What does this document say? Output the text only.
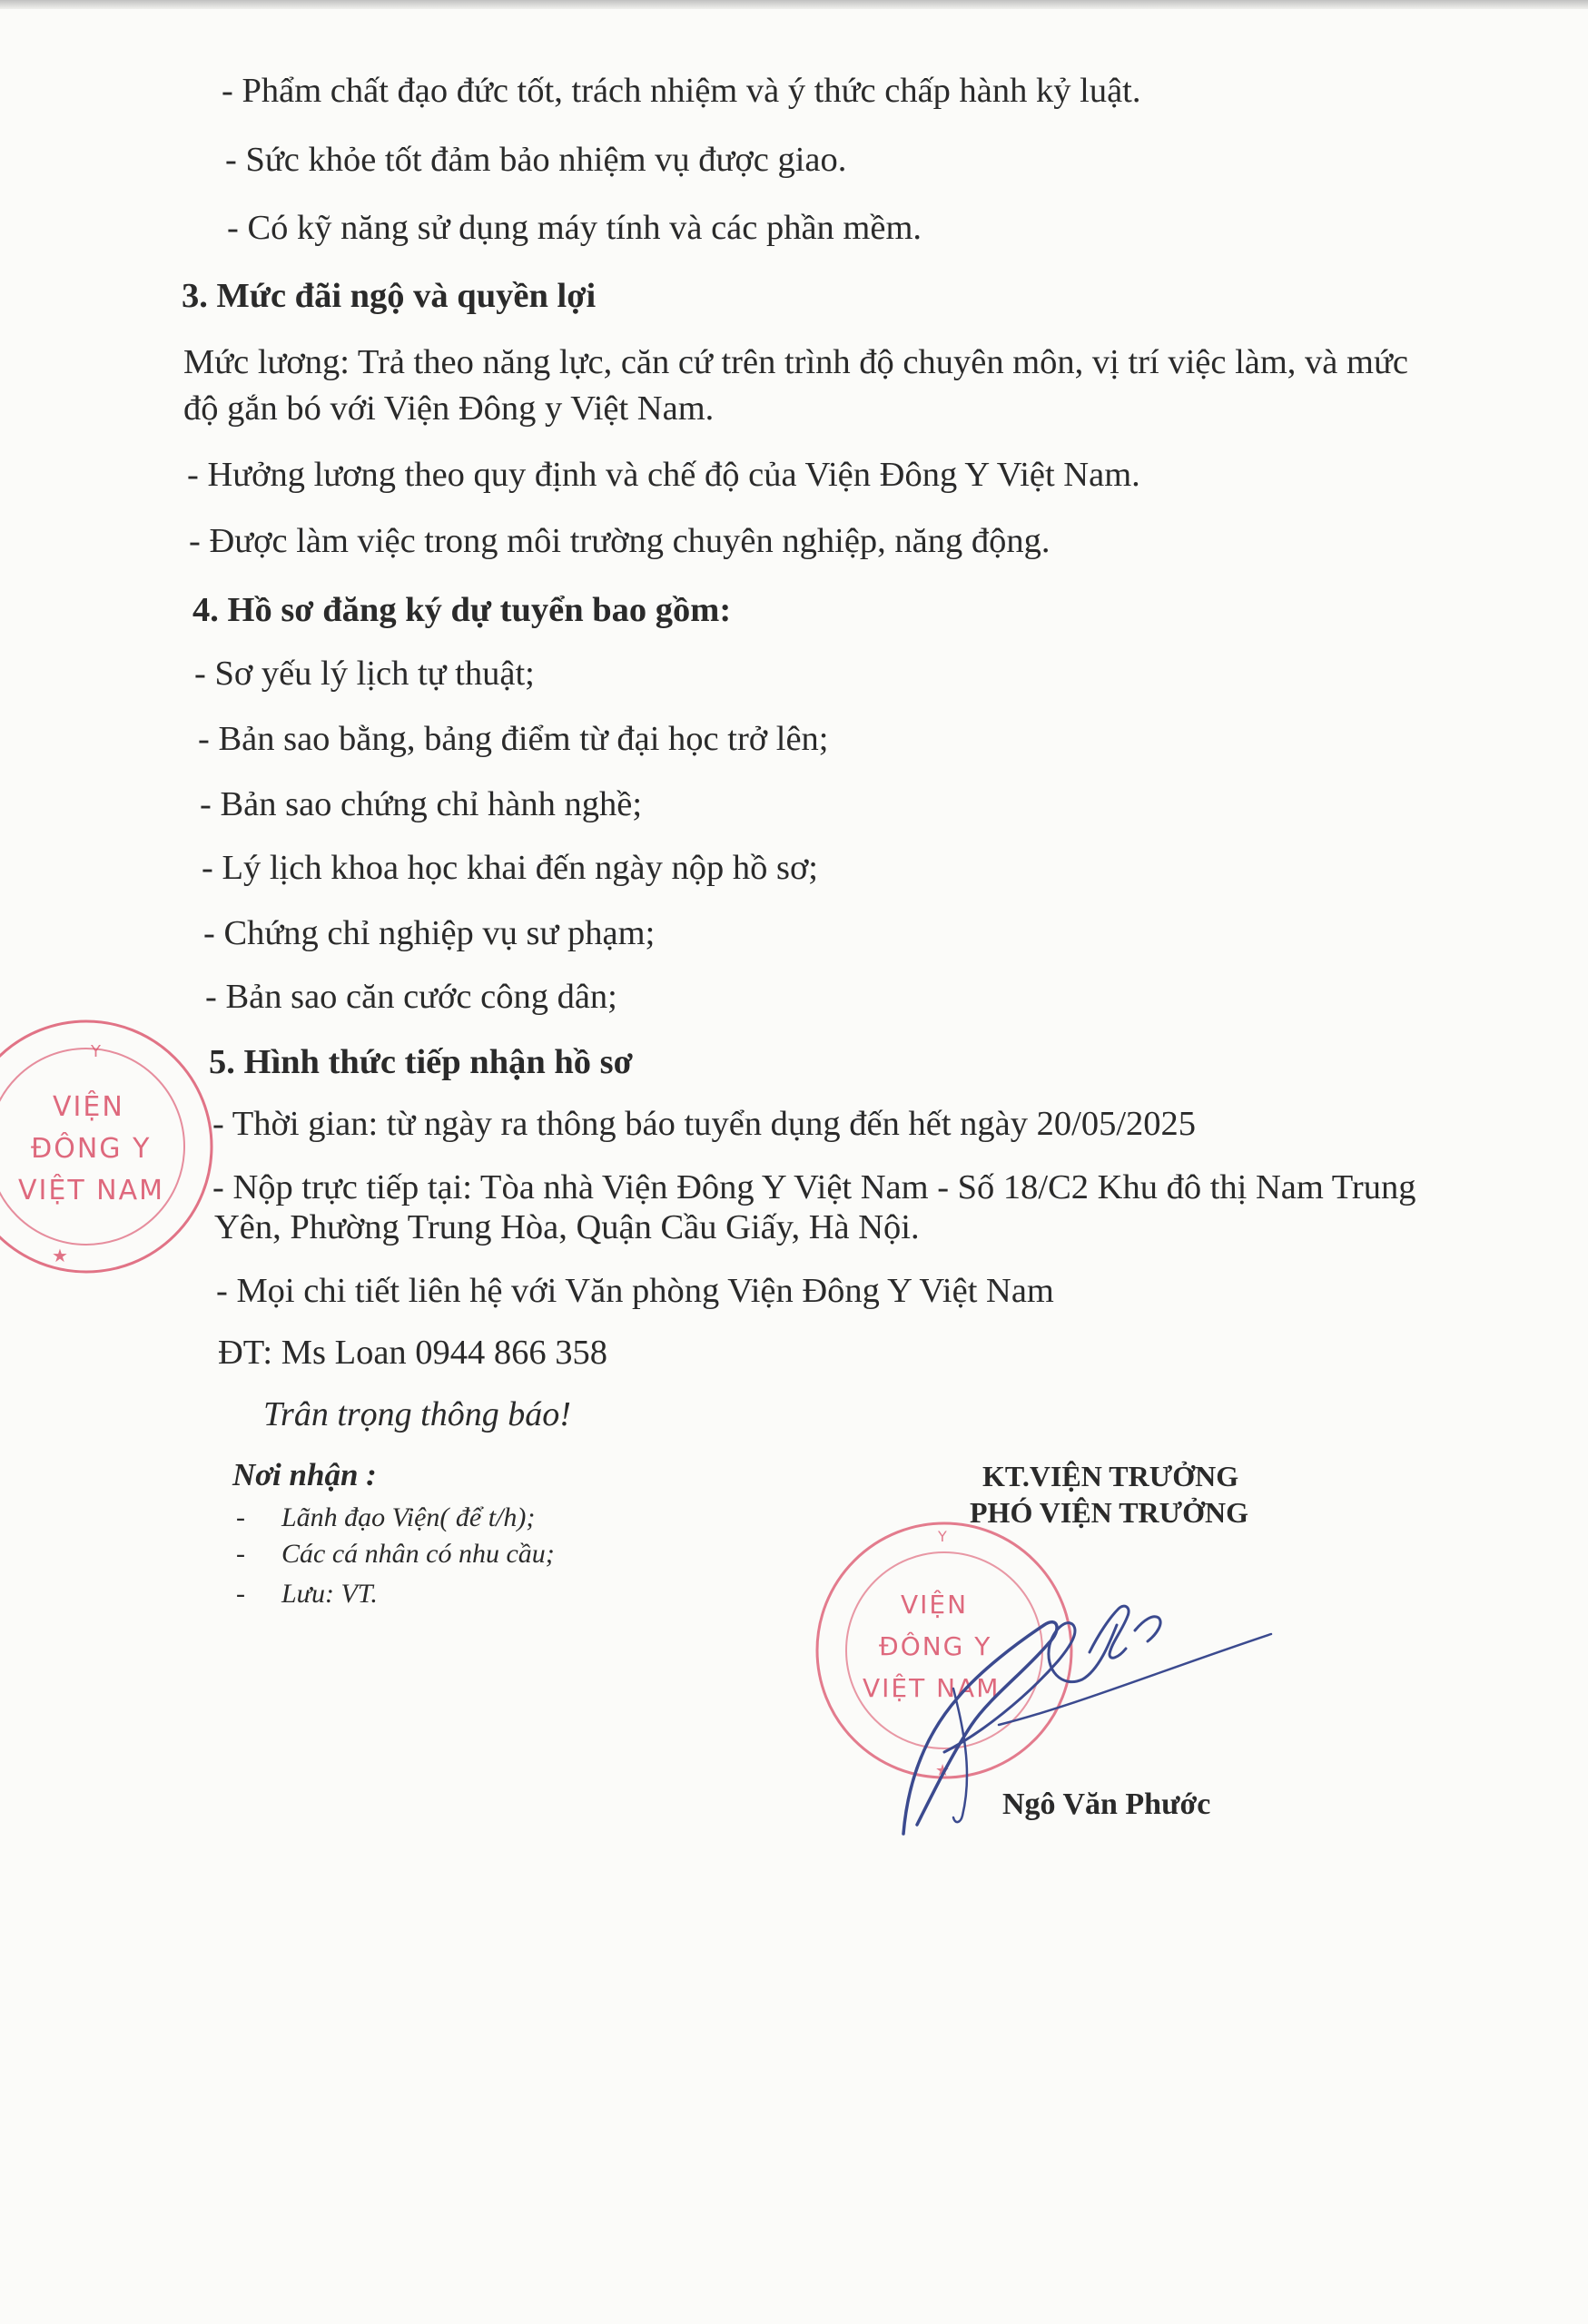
- Phẩm chất đạo đức tốt, trách nhiệm và ý thức chấp hành kỷ luật.
- Sức khỏe tốt đảm bảo nhiệm vụ được giao.
- Có kỹ năng sử dụng máy tính và các phần mềm.
3. Mức đãi ngộ và quyền lợi
Mức lương: Trả theo năng lực, căn cứ trên trình độ chuyên môn, vị trí việc làm, và mức
độ gắn bó với Viện Đông y Việt Nam.
- Hưởng lương theo quy định và chế độ của Viện Đông Y Việt Nam.
- Được làm việc trong môi trường chuyên nghiệp, năng động.
4. Hồ sơ đăng ký dự tuyển bao gồm:
- Sơ yếu lý lịch tự thuật;
- Bản sao bằng, bảng điểm từ đại học trở lên;
- Bản sao chứng chỉ hành nghề;
- Lý lịch khoa học khai đến ngày nộp hồ sơ;
- Chứng chỉ nghiệp vụ sư phạm;
- Bản sao căn cước công dân;
5. Hình thức tiếp nhận hồ sơ
- Thời gian: từ ngày ra thông báo tuyển dụng đến hết ngày 20/05/2025
- Nộp trực tiếp tại: Tòa nhà Viện Đông Y Việt Nam - Số 18/C2 Khu đô thị Nam Trung
Yên, Phường Trung Hòa, Quận Cầu Giấy, Hà Nội.
- Mọi chi tiết liên hệ với Văn phòng Viện Đông Y Việt Nam
ĐT: Ms Loan 0944 866 358
Trân trọng thông báo!
Nơi nhận :
- Lãnh đạo Viện( để t/h);
- Các cá nhân có nhu cầu;
- Lưu: VT.
KT.VIỆN TRƯỞNG
PHÓ VIỆN TRƯỞNG
Y
★
VIỆN
ĐÔNG Y
VIỆT NAM
Y
★
VIỆN
ĐÔNG Y
VIỆT NAM
Ngô Văn Phước
